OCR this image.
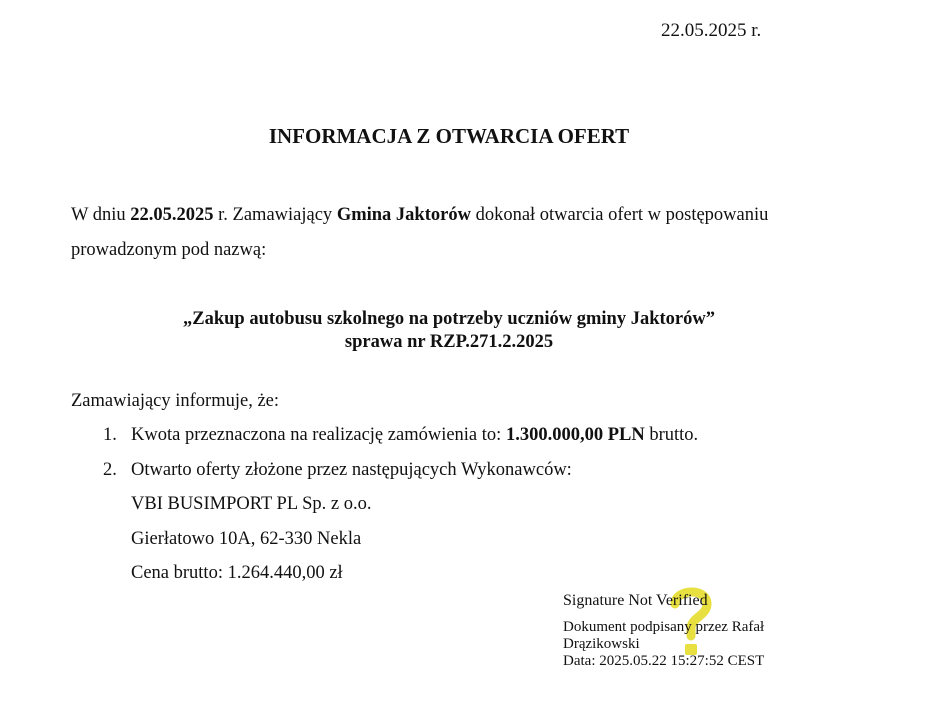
22.05.2025 r.
INFORMACJA Z OTWARCIA OFERT
W dniu 22.05.2025 r. Zamawiający Gmina Jaktorów dokonał otwarcia ofert w postępowaniu
prowadzonym pod nazwą:
„Zakup autobusu szkolnego na potrzeby uczniów gminy Jaktorów”
sprawa nr RZP.271.2.2025
Zamawiający informuje, że:
1. Kwota przeznaczona na realizację zamówienia to: 1.300.000,00 PLN brutto.
2. Otwarto oferty złożone przez następujących Wykonawców:
VBI BUSIMPORT PL Sp. z o.o.
Gierłatowo 10A, 62-330 Nekla
Cena brutto: 1.264.440,00 zł
Signature Not Verified
Dokument podpisany przez Rafał
Drązikowski
Data: 2025.05.22 15:27:52 CEST
